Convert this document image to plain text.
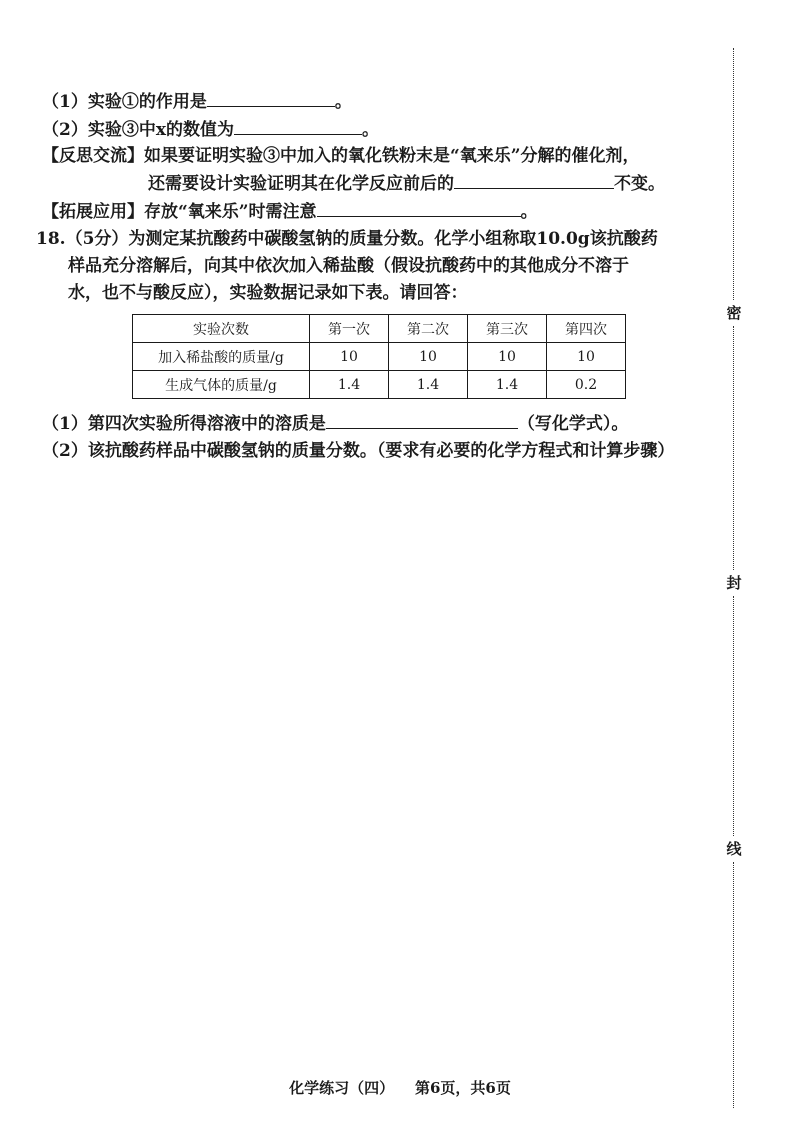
（1）实验①的作用是	。
（2）实验③中x的数值为	。
【反思交流】如果要证明实验③中加入的氧化铁粉末是“氧来乐”分解的催化剂，
还需要设计实验证明其在化学反应前后的	不变。
【拓展应用】存放“氧来乐”时需注意	。
18.（5分）为测定某抗酸药中碳酸氢钠的质量分数。化学小组称取10.0g该抗酸药
样品充分溶解后，向其中依次加入稀盐酸（假设抗酸药中的其他成分不溶于
水，也不与酸反应），实验数据记录如下表。请回答：
实验次数	第一次	第二次	第三次	第四次
加入稀盐酸的质量/g	10	10	10	10
生成气体的质量/g	1.4	1.4	1.4	0.2
（1）第四次实验所得溶液中的溶质是	（写化学式）。
（2）该抗酸药样品中碳酸氢钠的质量分数。（要求有必要的化学方程式和计算步骤）
密
封
线
化学练习（四）    第6页，共6页
